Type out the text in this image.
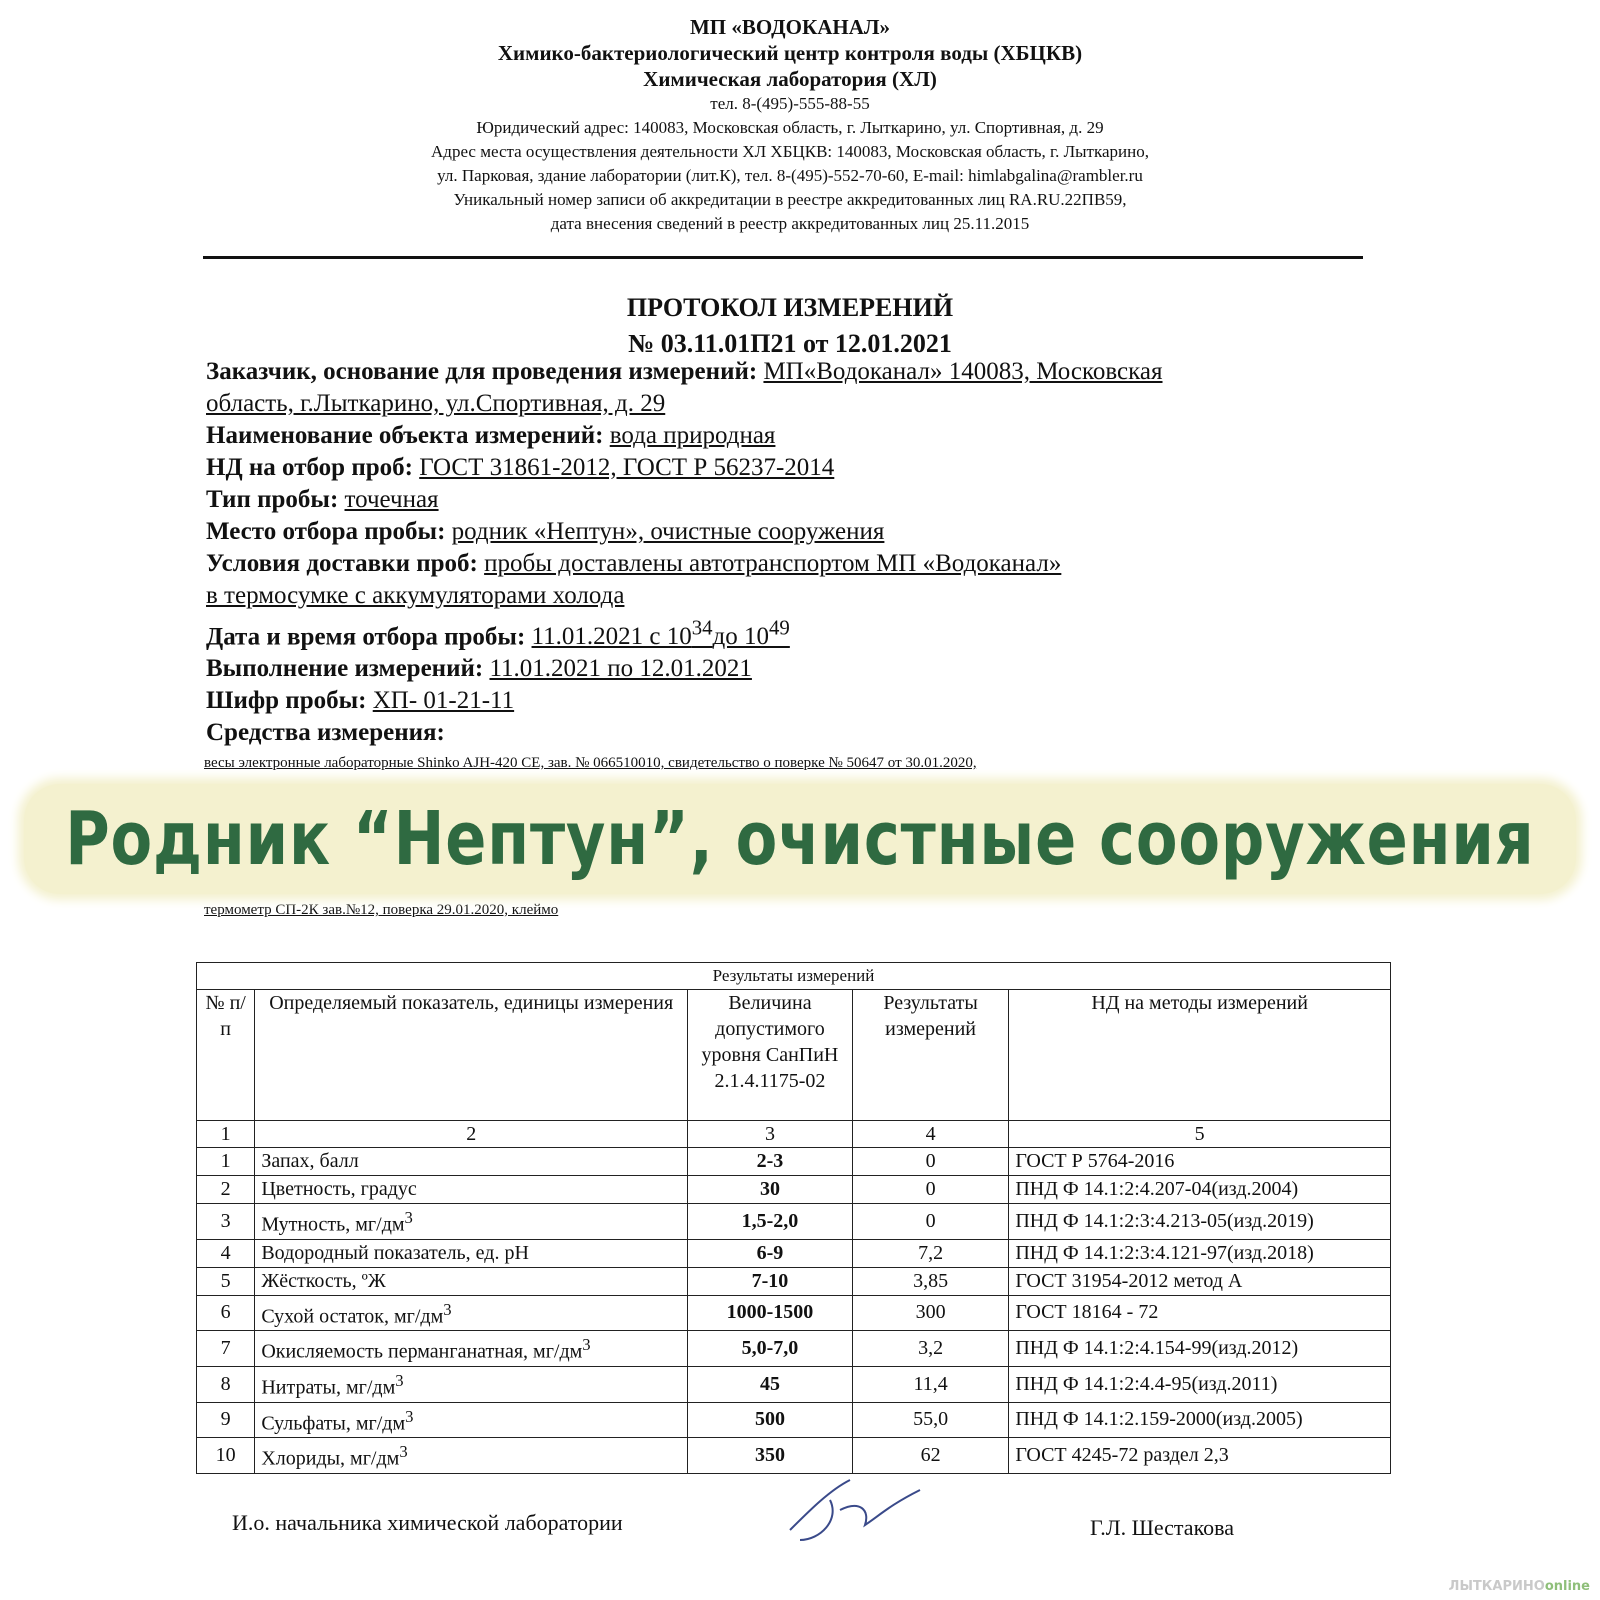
МП «ВОДОКАНАЛ»
Химико-бактериологический центр контроля воды (ХБЦКВ)
Химическая лаборатория (ХЛ)
тел. 8-(495)-555-88-55
Юридический адрес: 140083, Московская область, г. Лыткарино, ул. Спортивная, д. 29
Адрес места осуществления деятельности ХЛ ХБЦКВ: 140083, Московская область, г. Лыткарино,
ул. Парковая, здание лаборатории (лит.К), тел. 8-(495)-552-70-60, E-mail: himlabgalina@rambler.ru
Уникальный номер записи об аккредитации в реестре аккредитованных лиц RA.RU.22ПВ59,
дата внесения сведений в реестр аккредитованных лиц 25.11.2015
ПРОТОКОЛ ИЗМЕРЕНИЙ
№ 03.11.01П21 от 12.01.2021

Заказчик, основание для проведения измерений: МП«Водоканал» 140083, Московская
область, г.Лыткарино, ул.Спортивная, д. 29

Наименование объекта измерений: вода природная

НД на отбор проб: ГОСТ 31861-2012, ГОСТ Р 56237-2014

Тип пробы: точечная

Место отбора пробы: родник «Нептун», очистные сооружения

Условия доставки проб: пробы доставлены автотранспортом МП «Водоканал»
в термосумке с аккумуляторами холода

Дата и время отбора пробы: 11.01.2021 с $10^{34}до$ $10^{49}$

Выполнение измерений: 11.01.2021 по 12.01.2021

Шифр пробы: ХП- 01-21-11

Средства измерения:

весы электронные лабораторные Shinko AJH-420 CE, зав. № 066510010, свидетельство о поверке № 50647 от 30.01.2020,
термометр СП-2К зав.№12, поверка 29.01.2020, клеймо
Родник “Нептун”, очистные сооружения
Результаты измерений				
№ п/п	Определяемый показатель, единицы измерения	Величина допустимого уровня СанПиН 2.1.4.1175-02	Результаты измерений	НД на методы измерений
1	2	3	4	5
1	Запах, балл	2-3	0	ГОСТ Р 5764-2016
2	Цветность, градус	30	0	ПНД Ф 14.1:2:4.207-04(изд.2004)
3	Мутность, $мг/дм^3$	1,5-2,0	0	ПНД Ф 14.1:2:3:4.213-05(изд.2019)
4	Водородный показатель, ед. рН	6-9	7,2	ПНД Ф 14.1:2:3:4.121-97(изд.2018)
5	Жёсткость, ºЖ	7-10	3,85	ГОСТ 31954-2012 метод А
6	Сухой остаток, $мг/дм^3$	1000-1500	300	ГОСТ 18164 - 72
7	Окисляемость перманганатная, $мг/дм^3$	5,0-7,0	3,2	ПНД Ф 14.1:2:4.154-99(изд.2012)
8	Нитраты, $мг/дм^3$	45	11,4	ПНД Ф 14.1:2:4.4-95(изд.2011)
9	Сульфаты, $мг/дм^3$	500	55,0	ПНД Ф 14.1:2.159-2000(изд.2005)
10	Хлориды, $мг/дм^3$	350	62	ГОСТ 4245-72 раздел 2,3
И.о. начальника химической лаборатории	Г.Л. Шестакова
ЛЫТКАРИНОonline
